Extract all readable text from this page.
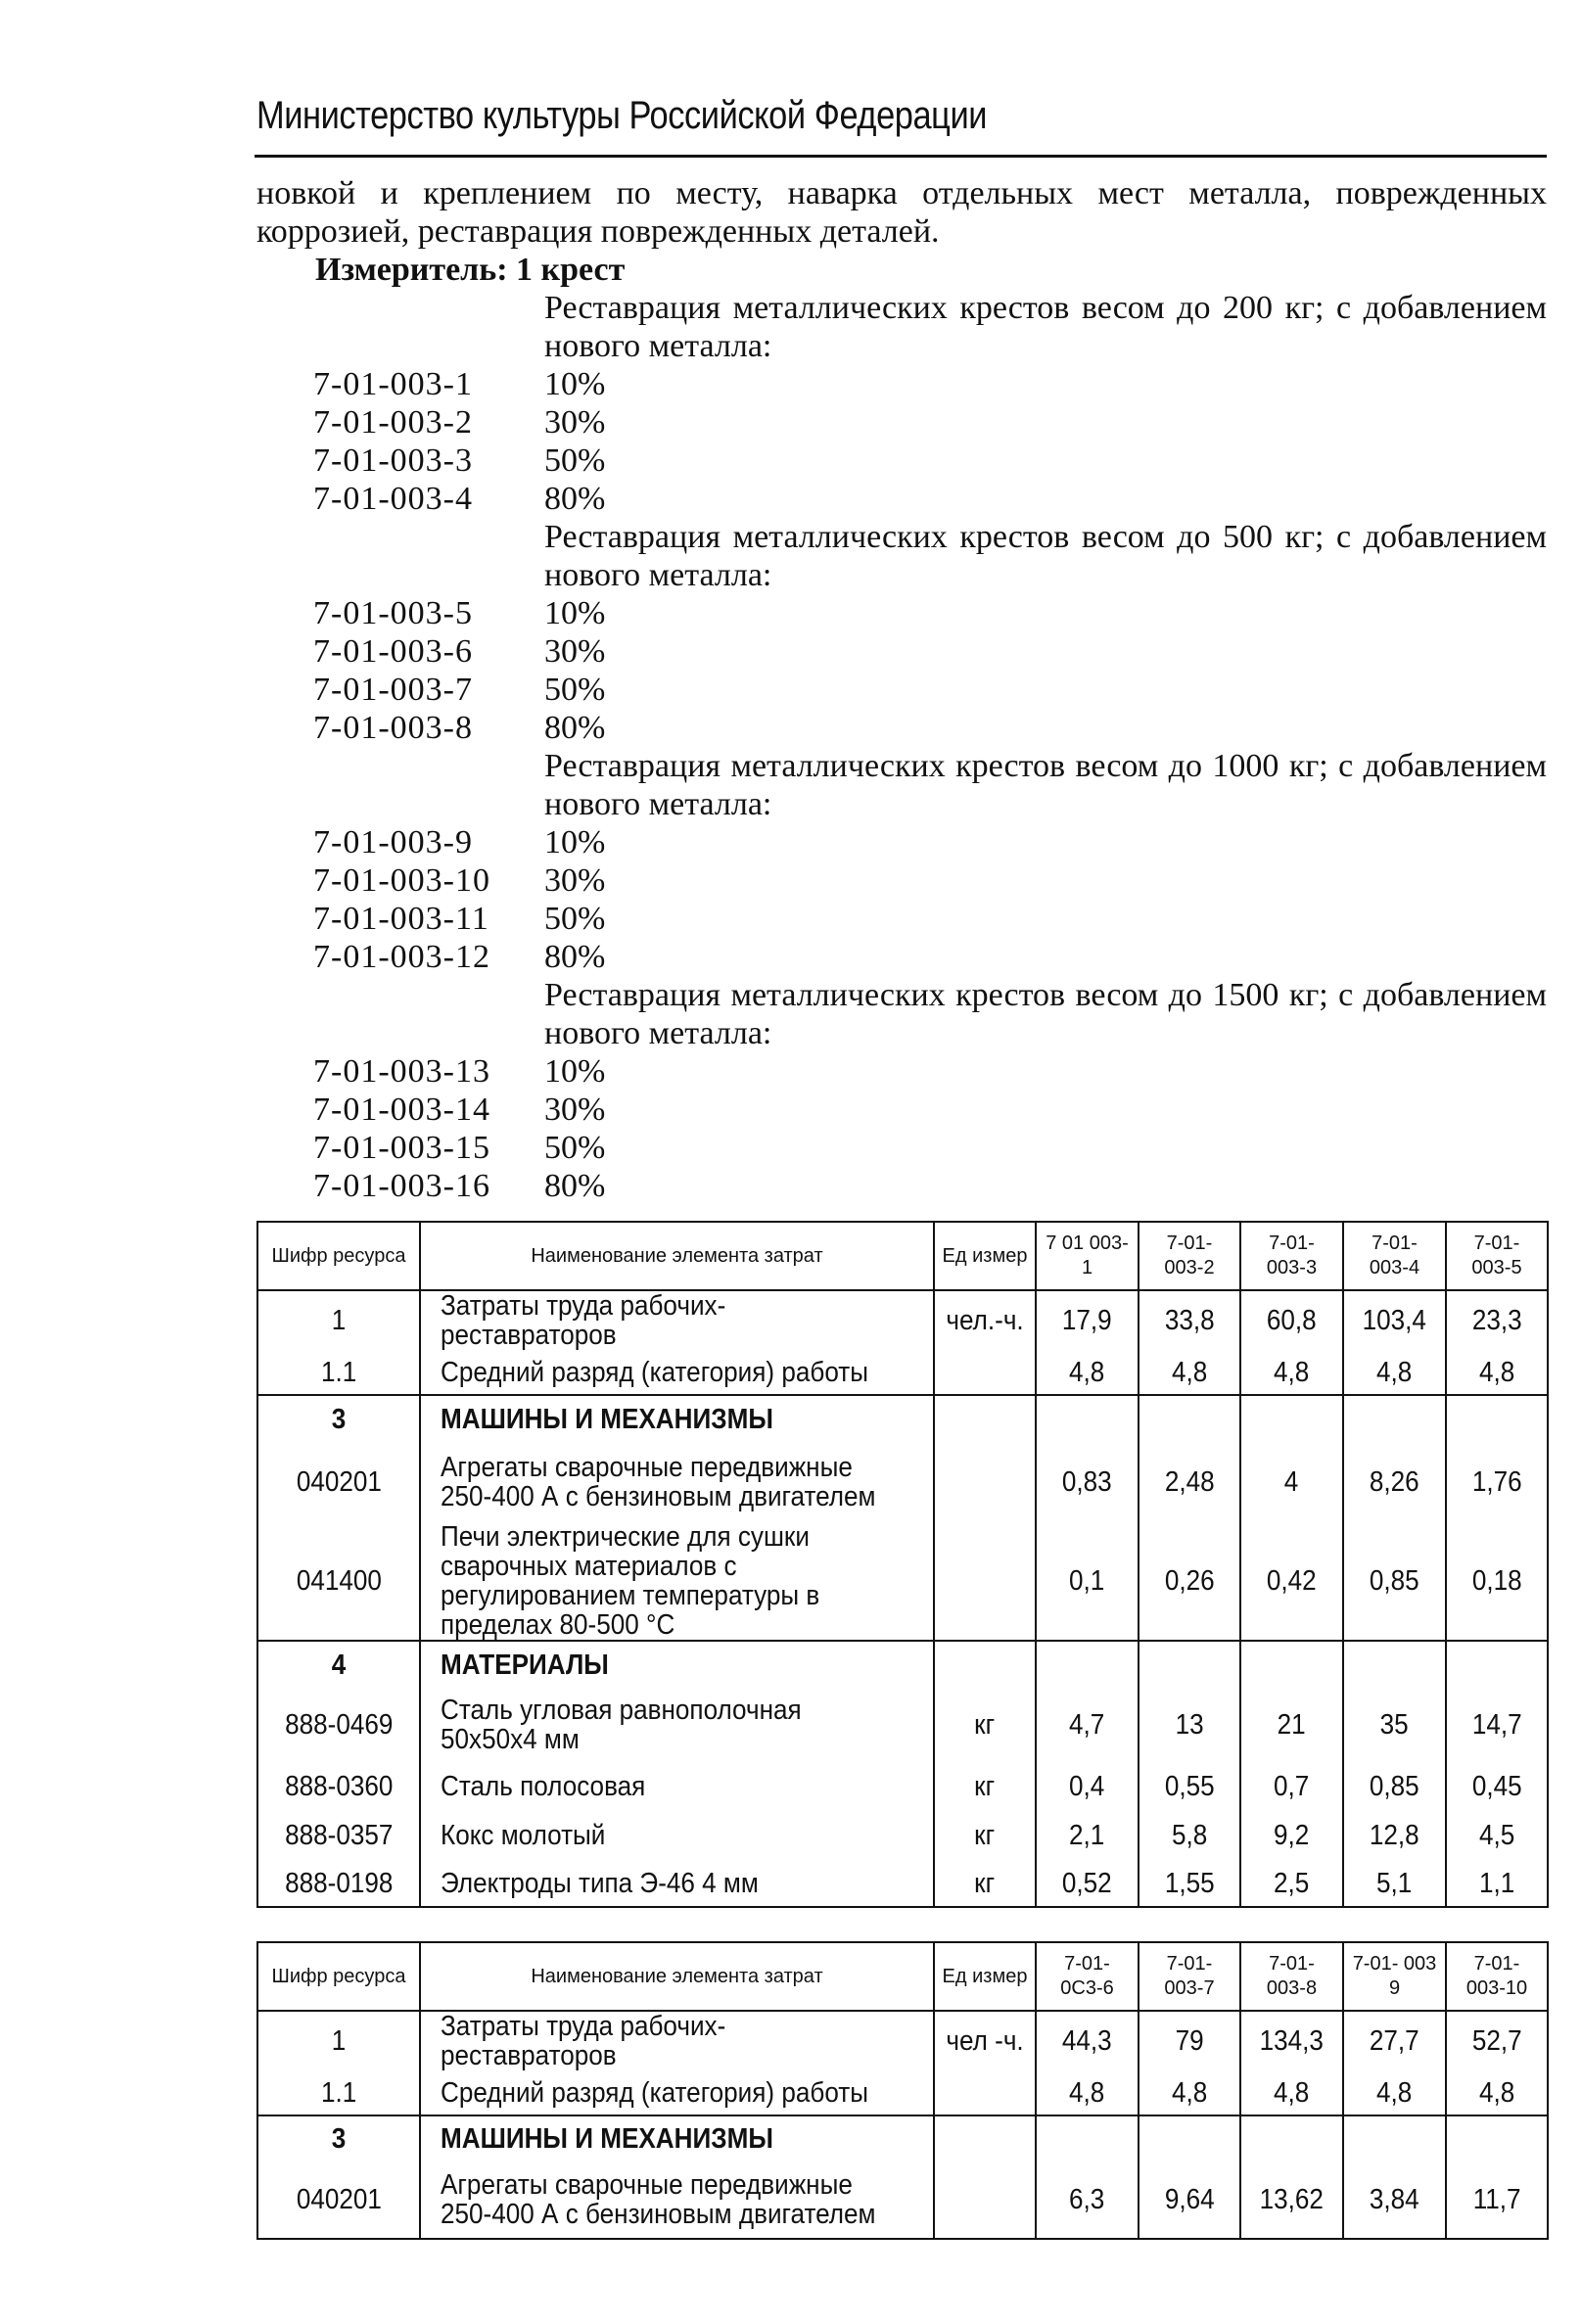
Министерство культуры Российской Федерации
новкой и креплением по месту, наварка отдельных мест металла, поврежденных коррозией, реставрация поврежденных деталей.
Измеритель: 1 крест
Реставрация металлических крестов весом до 200 кг; с добавлением нового металла:
7-01-003-1 10%
7-01-003-2 30%
7-01-003-3 50%
7-01-003-4 80%
Реставрация металлических крестов весом до 500 кг; с добавлением нового металла:
7-01-003-5 10%
7-01-003-6 30%
7-01-003-7 50%
7-01-003-8 80%
Реставрация металлических крестов весом до 1000 кг; с добавлением нового металла:
7-01-003-9 10%
7-01-003-10 30%
7-01-003-11 50%
7-01-003-12 80%
Реставрация металлических крестов весом до 1500 кг; с добавлением нового металла:
7-01-003-13 10%
7-01-003-14 30%
7-01-003-15 50%
7-01-003-16 80%
Шифр ресурса	Наименование элемента затрат	Ед измер	7 01 003-1	7-01- 003-2	7-01- 003-3	7-01- 003-4	7-01- 003-5
1	Затраты труда рабочих-реставраторов	чел.-ч.	17,9	33,8	60,8	103,4	23,3
1.1	Средний разряд (категория) работы		4,8	4,8	4,8	4,8	4,8
3	МАШИНЫ И МЕХАНИЗМЫ						
040201	Агрегаты сварочные передвижные 250-400 А с бензиновым двигателем		0,83	2,48	4	8,26	1,76
041400	Печи электрические для сушки сварочных материалов с регулированием температуры в пределах 80-500 °С		0,1	0,26	0,42	0,85	0,18
4	МАТЕРИАЛЫ						
888-0469	Сталь угловая равнополочная 50х50х4 мм	кг	4,7	13	21	35	14,7
888-0360	Сталь полосовая	кг	0,4	0,55	0,7	0,85	0,45
888-0357	Кокс молотый	кг	2,1	5,8	9,2	12,8	4,5
888-0198	Электроды типа Э-46 4 мм	кг	0,52	1,55	2,5	5,1	1,1
Шифр ресурса	Наименование элемента затрат	Ед измер	7-01- 0С3-6	7-01- 003-7	7-01- 003-8	7-01- 003 9	7-01- 003-10
1	Затраты труда рабочих-реставраторов	чел -ч.	44,3	79	134,3	27,7	52,7
1.1	Средний разряд (категория) работы		4,8	4,8	4,8	4,8	4,8
3	МАШИНЫ И МЕХАНИЗМЫ						
040201	Агрегаты сварочные передвижные 250-400 А с бензиновым двигателем		6,3	9,64	13,62	3,84	11,7
